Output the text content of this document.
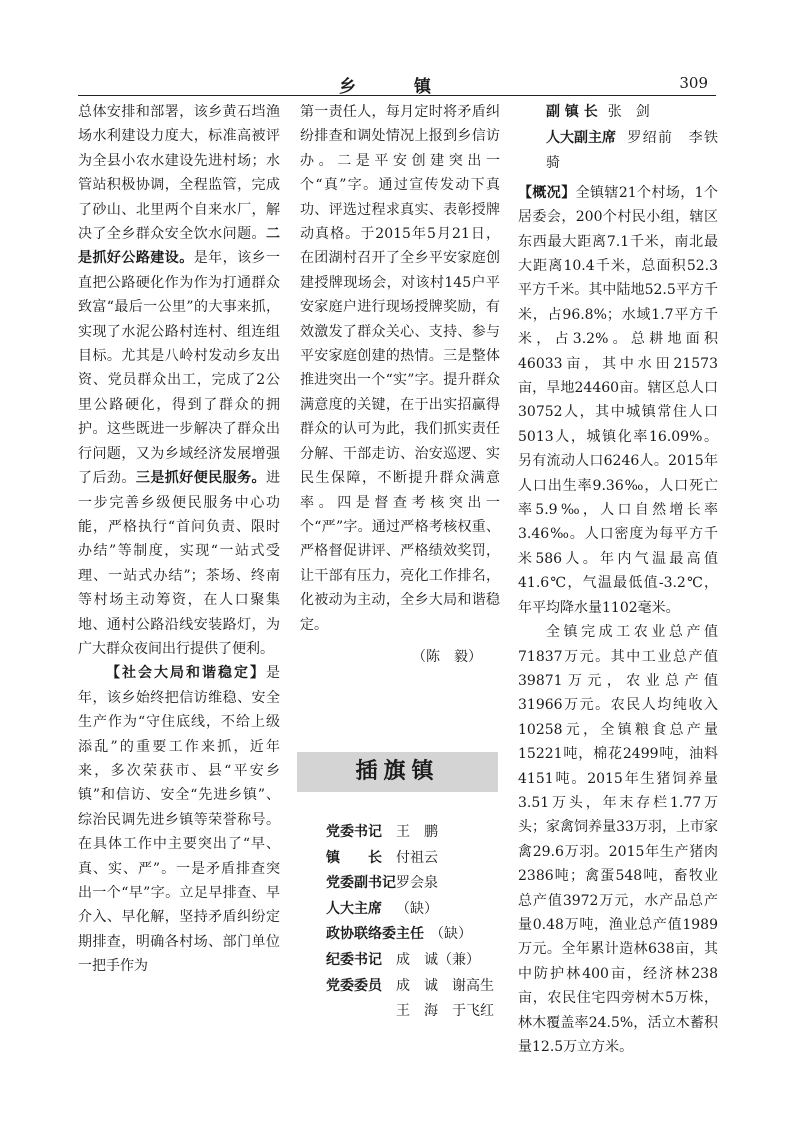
乡 镇	309

总体安排和部署，该乡黄石垱渔场水利建设力度大，标准高被评为全县小农水建设先进村场；水管站积极协调，全程监管，完成了砂山、北里两个自来水厂，解决了全乡群众安全饮水问题。二是抓好公路建设。是年，该乡一直把公路硬化作为作为打通群众致富“最后一公里”的大事来抓，实现了水泥公路村连村、组连组目标。尤其是八岭村发动乡友出资、党员群众出工，完成了2公里公路硬化，得到了群众的拥护。这些既进一步解决了群众出行问题，又为乡域经济发展增强了后劲。三是抓好便民服务。进一步完善乡级便民服务中心功能，严格执行“首问负责、限时办结”等制度，实现“一站式受理、一站式办结”；茶场、终南等村场主动筹资，在人口聚集地、通村公路沿线安装路灯，为广大群众夜间出行提供了便利。

【社会大局和谐稳定】是年，该乡始终把信访维稳、安全生产作为“守住底线，不给上级添乱”的重要工作来抓，近年来，多次荣获市、县“平安乡镇”和信访、安全“先进乡镇”、综治民调先进乡镇等荣誉称号。在具体工作中主要突出了“早、真、实、严”。一是矛盾排查突出一个“早”字。立足早排查、早介入、早化解，坚持矛盾纠纷定期排查，明确各村场、部门单位一把手作为

第一责任人，每月定时将矛盾纠纷排查和调处情况上报到乡信访办。二是平安创建突出一个“真”字。通过宣传发动下真功、评选过程求真实、表彰授牌动真格。于2015年5月21日，在团湖村召开了全乡平安家庭创建授牌现场会，对该村145户平安家庭户进行现场授牌奖励，有效激发了群众关心、支持、参与平安家庭创建的热情。三是整体推进突出一个“实”字。提升群众满意度的关键，在于出实招赢得群众的认可为此，我们抓实责任分解、干部走访、治安巡逻、实民生保障，不断提升群众满意率。四是督查考核突出一个“严”字。通过严格考核权重、严格督促讲评、严格绩效奖罚，让干部有压力，亮化工作排名，化被动为主动，全乡大局和谐稳定。

（陈　毅）

插旗镇
党委书记 王　鹏
镇　　长 付祖云
党委副书记罗会泉
人大主席 （缺）
政协联络委主任 （缺）
纪委书记 成　诚（兼）
党委委员 成　诚　谢高生
王　海　于飞红

副 镇 长 张　剑
人大副主席 罗绍前　李铁骑

【概况】全镇辖21个村场，1个居委会，200个村民小组，辖区东西最大距离7.1千米，南北最大距离10.4千米，总面积52.3平方千米。其中陆地52.5平方千米，占96.8%；水域1.7平方千米，占3.2%。总耕地面积46033亩，其中水田21573亩，旱地24460亩。辖区总人口30752人，其中城镇常住人口5013人，城镇化率16.09%。另有流动人口6246人。2015年人口出生率9.36‰，人口死亡率5.9‰，人口自然增长率3.46‰。人口密度为每平方千米586人。年内气温最高值41.6℃，气温最低值-3.2℃，年平均降水量1102毫米。

全镇完成工农业总产值71837万元。其中工业总产值39871万元，农业总产值31966万元。农民人均纯收入10258元，全镇粮食总产量15221吨，棉花2499吨，油料4151吨。2015年生猪饲养量3.51万头，年末存栏1.77万头；家禽饲养量33万羽，上市家禽29.6万羽。2015年生产猪肉2386吨；禽蛋548吨，畜牧业总产值3972万元，水产品总产量0.48万吨，渔业总产值1989万元。全年累计造林638亩，其中防护林400亩，经济林238亩，农民住宅四旁树木5万株，林木覆盖率24.5%，活立木蓄积量12.5万立方米。
